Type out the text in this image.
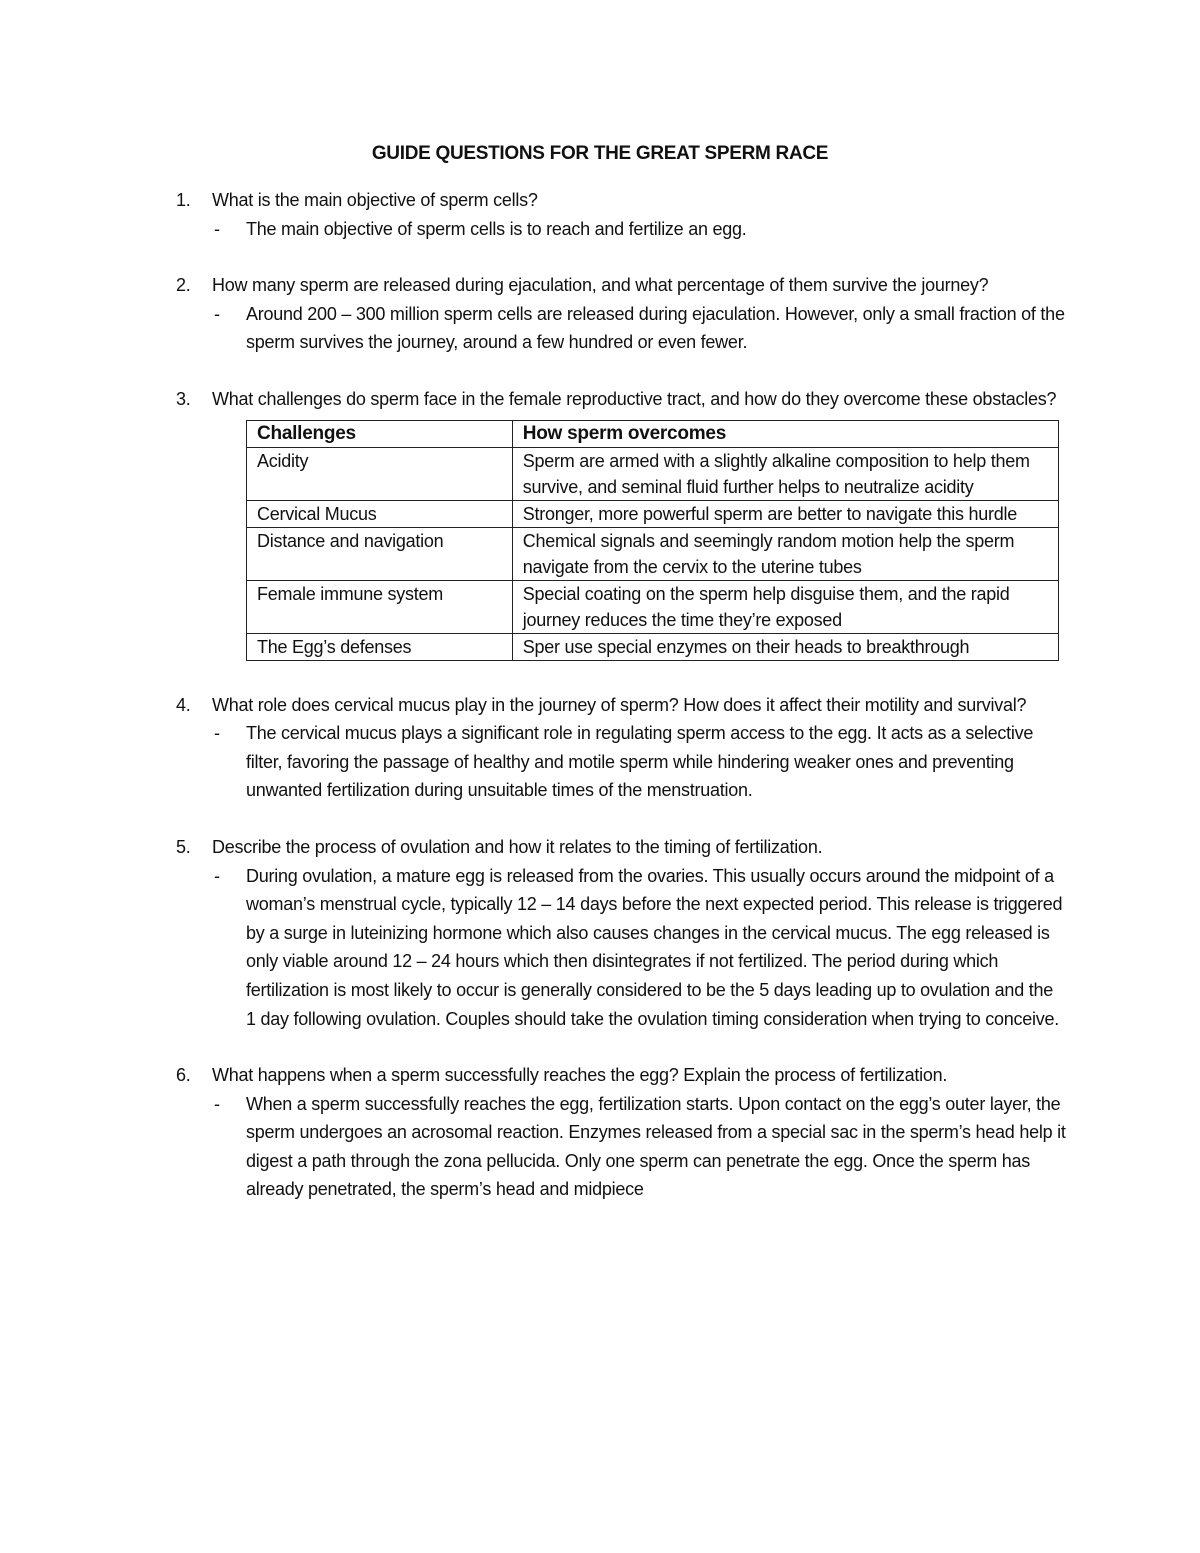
GUIDE QUESTIONS FOR THE GREAT SPERM RACE
1.	What is the main objective of sperm cells?
- The main objective of sperm cells is to reach and fertilize an egg.
2.	How many sperm are released during ejaculation, and what percentage of them survive the journey?
- Around 200 – 300 million sperm cells are released during ejaculation. However, only a small fraction of the sperm survives the journey, around a few hundred or even fewer.
3.	What challenges do sperm face in the female reproductive tract, and how do they overcome these obstacles?
Challenges	How sperm overcomes
Acidity	Sperm are armed with a slightly alkaline composition to help them survive, and seminal fluid further helps to neutralize acidity
Cervical Mucus	Stronger, more powerful sperm are better to navigate this hurdle
Distance and navigation	Chemical signals and seemingly random motion help the sperm navigate from the cervix to the uterine tubes
Female immune system	Special coating on the sperm help disguise them, and the rapid journey reduces the time they’re exposed
The Egg’s defenses	Sper use special enzymes on their heads to breakthrough
4.	What role does cervical mucus play in the journey of sperm? How does it affect their motility and survival?
- The cervical mucus plays a significant role in regulating sperm access to the egg. It acts as a selective filter, favoring the passage of healthy and motile sperm while hindering weaker ones and preventing unwanted fertilization during unsuitable times of the menstruation.
5.	Describe the process of ovulation and how it relates to the timing of fertilization.
- During ovulation, a mature egg is released from the ovaries. This usually occurs around the midpoint of a woman’s menstrual cycle, typically 12 – 14 days before the next expected period. This release is triggered by a surge in luteinizing hormone which also causes changes in the cervical mucus. The egg released is only viable around 12 – 24 hours which then disintegrates if not fertilized. The period during which fertilization is most likely to occur is generally considered to be the 5 days leading up to ovulation and the 1 day following ovulation. Couples should take the ovulation timing consideration when trying to conceive.
6.	What happens when a sperm successfully reaches the egg? Explain the process of fertilization.
- When a sperm successfully reaches the egg, fertilization starts. Upon contact on the egg’s outer layer, the sperm undergoes an acrosomal reaction. Enzymes released from a special sac in the sperm’s head help it digest a path through the zona pellucida. Only one sperm can penetrate the egg. Once the sperm has already penetrated, the sperm’s head and midpiece
